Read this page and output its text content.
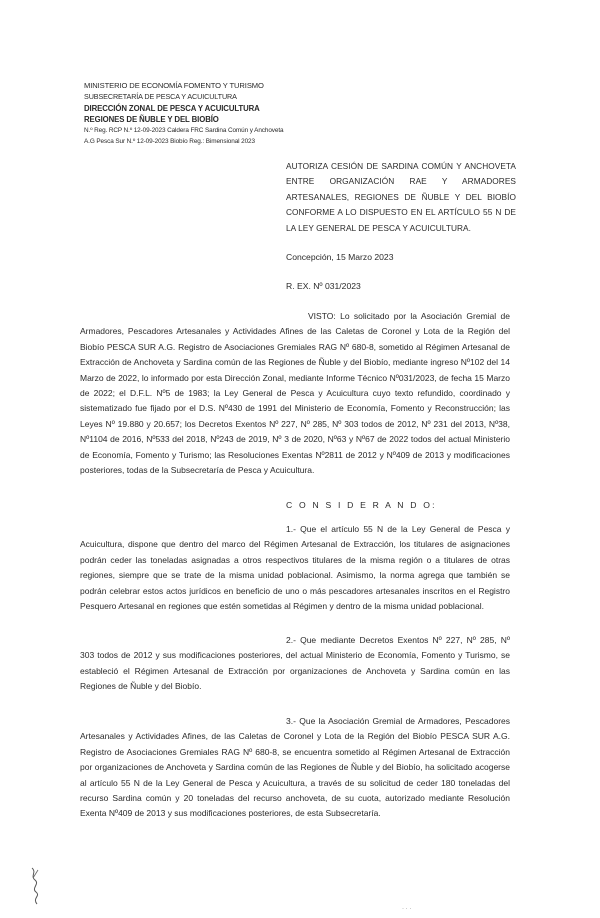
MINISTERIO DE ECONOMÍA FOMENTO Y TURISMO
SUBSECRETARÍA DE PESCA Y ACUICULTURA
DIRECCIÓN ZONAL DE PESCA Y ACUICULTURA
REGIONES DE ÑUBLE Y DEL BIOBÍO
N.º Reg. RCP N.º 12-09-2023 Caldera FRC Sardina Común y Anchoveta
A.G Pesca Sur N.º 12-09-2023 Biobío Reg.: Bimensional 2023
AUTORIZA CESIÓN DE SARDINA COMÚN Y ANCHOVETA ENTRE ORGANIZACIÓN RAE Y ARMADORES ARTESANALES, REGIONES DE ÑUBLE Y DEL BIOBÍO CONFORME A LO DISPUESTO EN EL ARTÍCULO 55 N DE LA LEY GENERAL DE PESCA Y ACUICULTURA.
Concepción, 15 Marzo 2023
R. EX. Nº 031/2023
VISTO: Lo solicitado por la Asociación Gremial de Armadores, Pescadores Artesanales y Actividades Afines de las Caletas de Coronel y Lota de la Región del Biobío PESCA SUR A.G. Registro de Asociaciones Gremiales RAG Nº 680-8, sometido al Régimen Artesanal de Extracción de Anchoveta y Sardina común de las Regiones de Ñuble y del Biobío, mediante ingreso Nº102 del 14 Marzo de 2022, lo informado por esta Dirección Zonal, mediante Informe Técnico Nº031/2023, de fecha 15 Marzo de 2022; el D.F.L. Nº5 de 1983; la Ley General de Pesca y Acuicultura cuyo texto refundido, coordinado y sistematizado fue fijado por el D.S. Nº430 de 1991 del Ministerio de Economía, Fomento y Reconstrucción; las Leyes Nº 19.880 y 20.657; los Decretos Exentos Nº 227, Nº 285, Nº 303 todos de 2012, Nº 231 del 2013, Nº38, Nº1104 de 2016, Nº533 del 2018, Nº243 de 2019, Nº 3 de 2020, Nº63 y Nº67 de 2022 todos del actual Ministerio de Economía, Fomento y Turismo; las Resoluciones Exentas Nº2811 de 2012 y Nº409 de 2013 y modificaciones posteriores, todas de la Subsecretaría de Pesca y Acuicultura.
C O N S I D E R A N D O:
1.- Que el artículo 55 N de la Ley General de Pesca y Acuicultura, dispone que dentro del marco del Régimen Artesanal de Extracción, los titulares de asignaciones podrán ceder las toneladas asignadas a otros respectivos titulares de la misma región o a titulares de otras regiones, siempre que se trate de la misma unidad poblacional. Asimismo, la norma agrega que también se podrán celebrar estos actos jurídicos en beneficio de uno o más pescadores artesanales inscritos en el Registro Pesquero Artesanal en regiones que estén sometidas al Régimen y dentro de la misma unidad poblacional.
2.- Que mediante Decretos Exentos Nº 227, Nº 285, Nº 303 todos de 2012 y sus modificaciones posteriores, del actual Ministerio de Economía, Fomento y Turismo, se estableció el Régimen Artesanal de Extracción por organizaciones de Anchoveta y Sardina común en las Regiones de Ñuble y del Biobío.
3.- Que la Asociación Gremial de Armadores, Pescadores Artesanales y Actividades Afines, de las Caletas de Coronel y Lota de la Región del Biobío PESCA SUR A.G. Registro de Asociaciones Gremiales RAG Nº 680-8, se encuentra sometido al Régimen Artesanal de Extracción por organizaciones de Anchoveta y Sardina común de las Regiones de Ñuble y del Biobío, ha solicitado acogerse al artículo 55 N de la Ley General de Pesca y Acuicultura, a través de su solicitud de ceder 180 toneladas del recurso Sardina común y 20 toneladas del recurso anchoveta, de su cuota, autorizado mediante Resolución Exenta Nº409 de 2013 y sus modificaciones posteriores, de esta Subsecretaría.
· · ·
